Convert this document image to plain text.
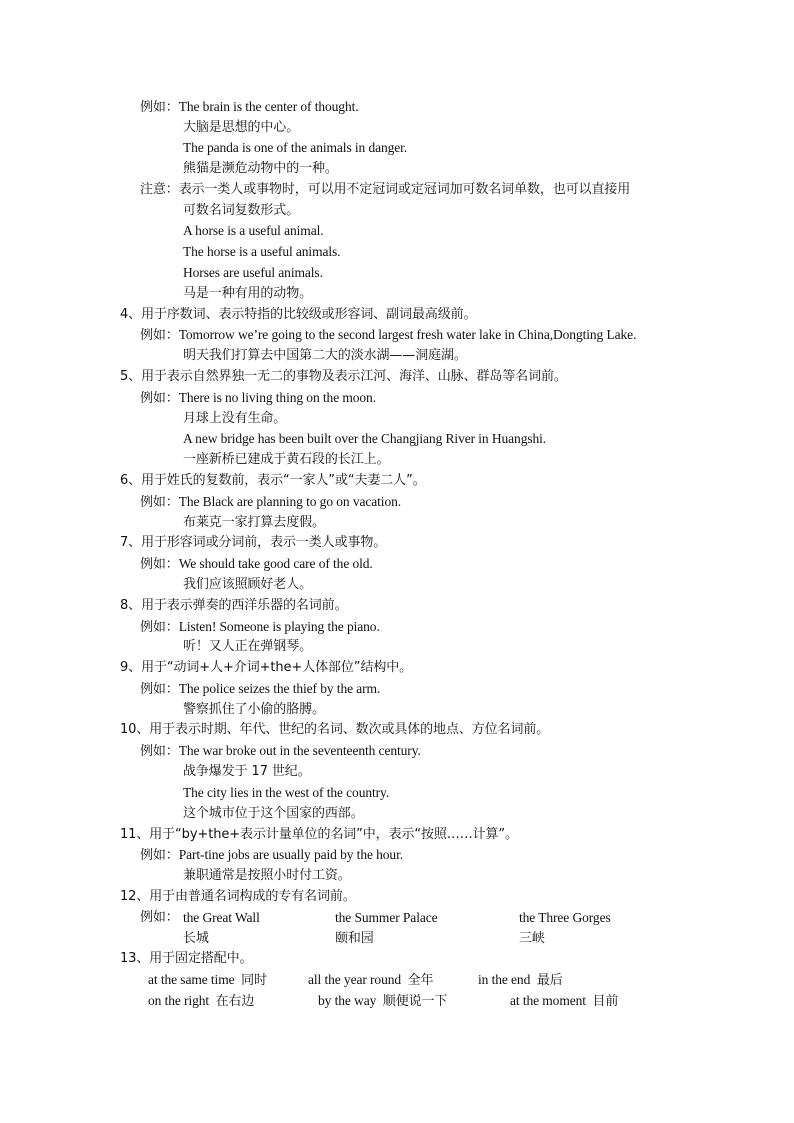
例如：The brain is the center of thought.
大脑是思想的中心。
The panda is one of the animals in danger.
熊猫是濒危动物中的一种。
注意：表示一类人或事物时，可以用不定冠词或定冠词加可数名词单数，也可以直接用
可数名词复数形式。
A horse is a useful animal.
The horse is a useful animals.
Horses are useful animals.
马是一种有用的动物。
4、用于序数词、表示特指的比较级或形容词、副词最高级前。
例如：Tomorrow we’re going to the second largest fresh water lake in China,Dongting Lake.
明天我们打算去中国第二大的淡水湖——洞庭湖。
5、用于表示自然界独一无二的事物及表示江河、海洋、山脉、群岛等名词前。
例如：There is no living thing on the moon.
月球上没有生命。
A new bridge has been built over the Changjiang River in Huangshi.
一座新桥已建成于黄石段的长江上。
6、用于姓氏的复数前，表示“一家人”或“夫妻二人”。
例如：The Black are planning to go on vacation.
布莱克一家打算去度假。
7、用于形容词或分词前，表示一类人或事物。
例如：We should take good care of the old.
我们应该照顾好老人。
8、用于表示弹奏的西洋乐器的名词前。
例如：Listen! Someone is playing the piano.
听！又人正在弹钢琴。
9、用于“动词+人+介词+the+人体部位”结构中。
例如：The police seizes the thief by the arm.
警察抓住了小偷的胳膊。
10、用于表示时期、年代、世纪的名词、数次或具体的地点、方位名词前。
例如：The war broke out in the seventeenth century.
战争爆发于 17 世纪。
The city lies in the west of the country.
这个城市位于这个国家的西部。
11、用于“by+the+表示计量单位的名词”中，表示“按照……计算”。
例如：Part-tine jobs are usually paid by the hour.
兼职通常是按照小时付工资。
12、用于由普通名词构成的专有名词前。
例如： the Great Wall	the Summer Palace	the Three Gorges
长城	颐和园	三峡
13、用于固定搭配中。
at the same time 同时	all the year round 全年	in the end 最后
on the right 在右边	by the way 顺便说一下	at the moment 目前
